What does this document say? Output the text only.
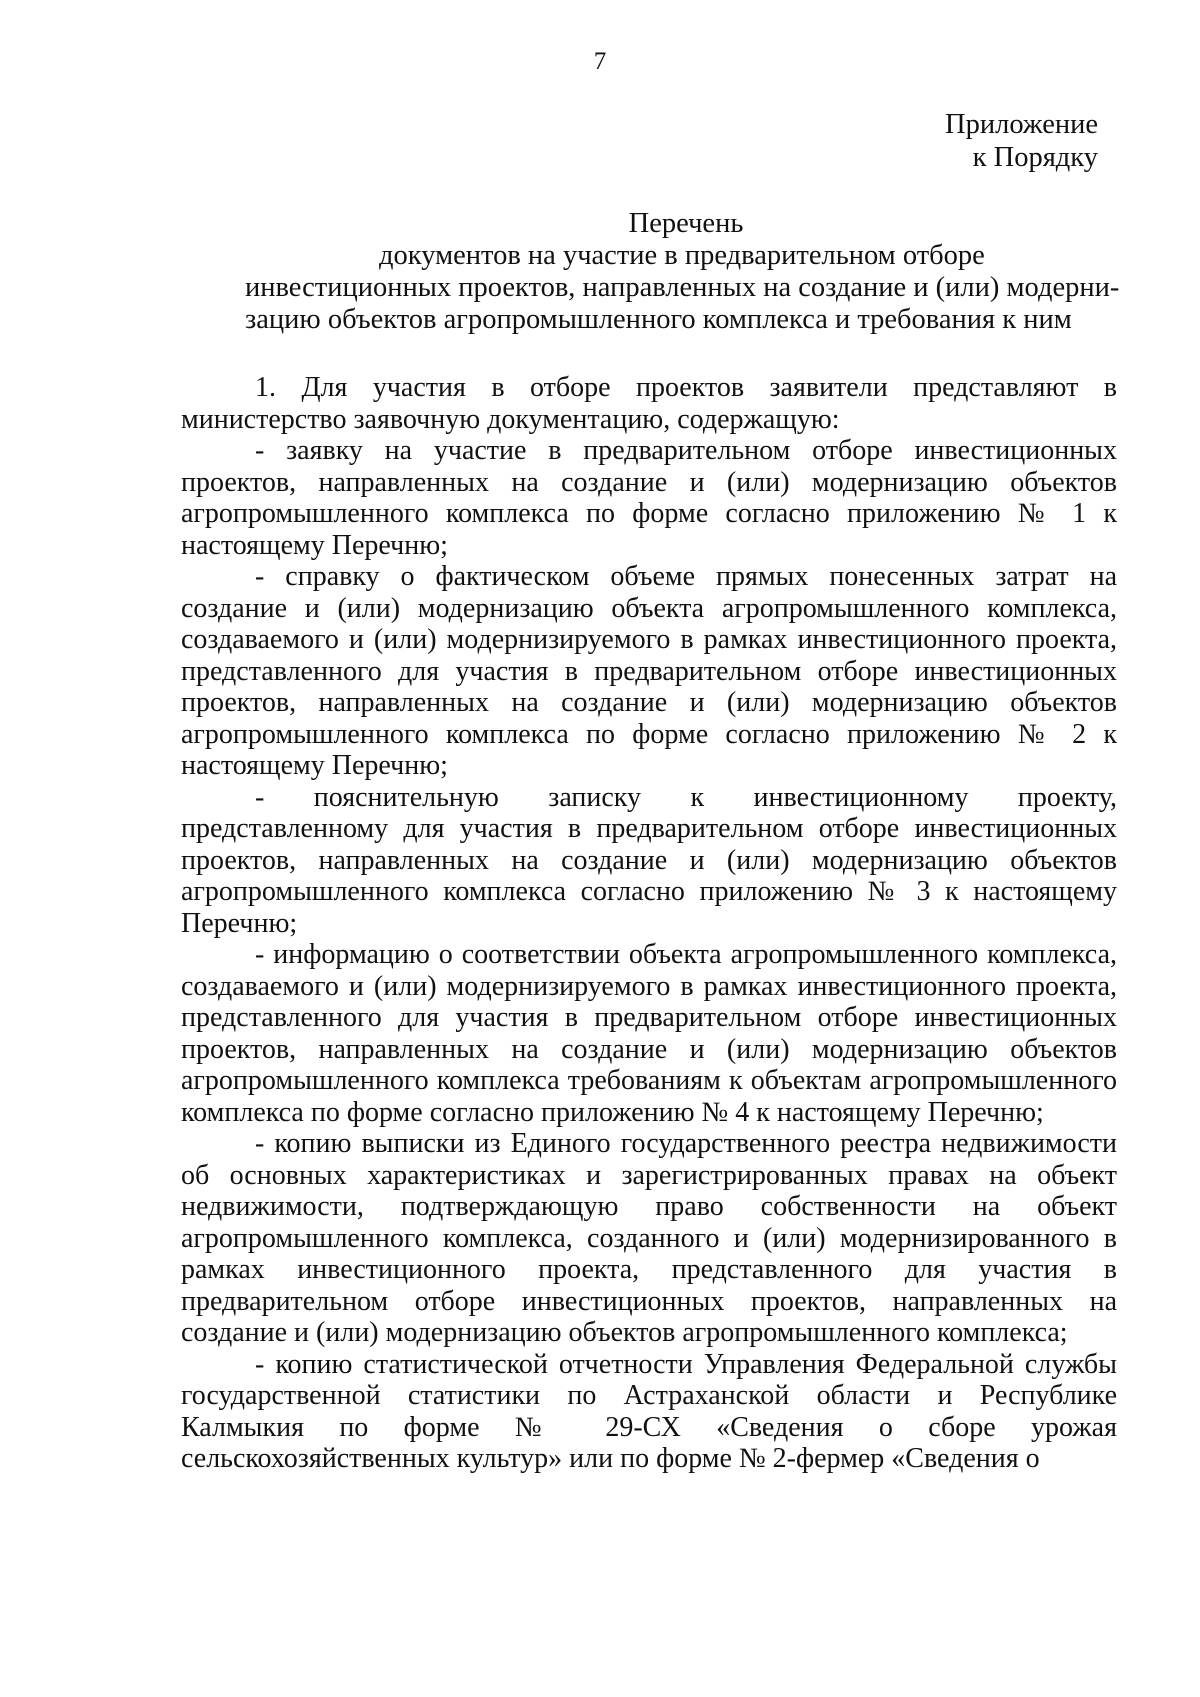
7
Приложение
к Порядку
Перечень
документов на участие в предварительном отборе
инвестиционных проектов, направленных на создание и (или) модерни-
зацию объектов агропромышленного комплекса и требования к ним

1. Для участия в отборе проектов заявители представляют в министерство заявочную документацию, содержащую:

- заявку на участие в предварительном отборе инвестиционных проектов, направленных на создание и (или) модернизацию объектов агропромышленного комплекса по форме согласно приложению № 1 к настоящему Перечню;

- справку о фактическом объеме прямых понесенных затрат на создание и (или) модернизацию объекта агропромышленного комплекса, создаваемого и (или) модернизируемого в рамках инвестиционного проекта, представленного для участия в предварительном отборе инвестиционных проектов, направленных на создание и (или) модернизацию объектов агропромышленного комплекса по форме согласно приложению № 2 к настоящему Перечню;

- пояснительную записку к инвестиционному проекту, представленному для участия в предварительном отборе инвестиционных проектов, направленных на создание и (или) модернизацию объектов агропромышленного комплекса согласно приложению № 3 к настоящему Перечню;

- информацию о соответствии объекта агропромышленного комплекса, создаваемого и (или) модернизируемого в рамках инвестиционного проекта, представленного для участия в предварительном отборе инвестиционных проектов, направленных на создание и (или) модернизацию объектов агропромышленного комплекса требованиям к объектам агропромышленного комплекса по форме согласно приложению № 4 к настоящему Перечню;

- копию выписки из Единого государственного реестра недвижимости об основных характеристиках и зарегистрированных правах на объект недвижимости, подтверждающую право собственности на объект агропромышленного комплекса, созданного и (или) модернизированного в рамках инвестиционного проекта, представленного для участия в предварительном отборе инвестиционных проектов, направленных на создание и (или) модернизацию объектов агропромышленного комплекса;

- копию статистической отчетности Управления Федеральной службы государственной статистики по Астраханской области и Республике Калмыкия по форме № 29-СХ «Сведения о сборе урожая сельскохозяйственных культур» или по форме № 2-фермер «Сведения о
